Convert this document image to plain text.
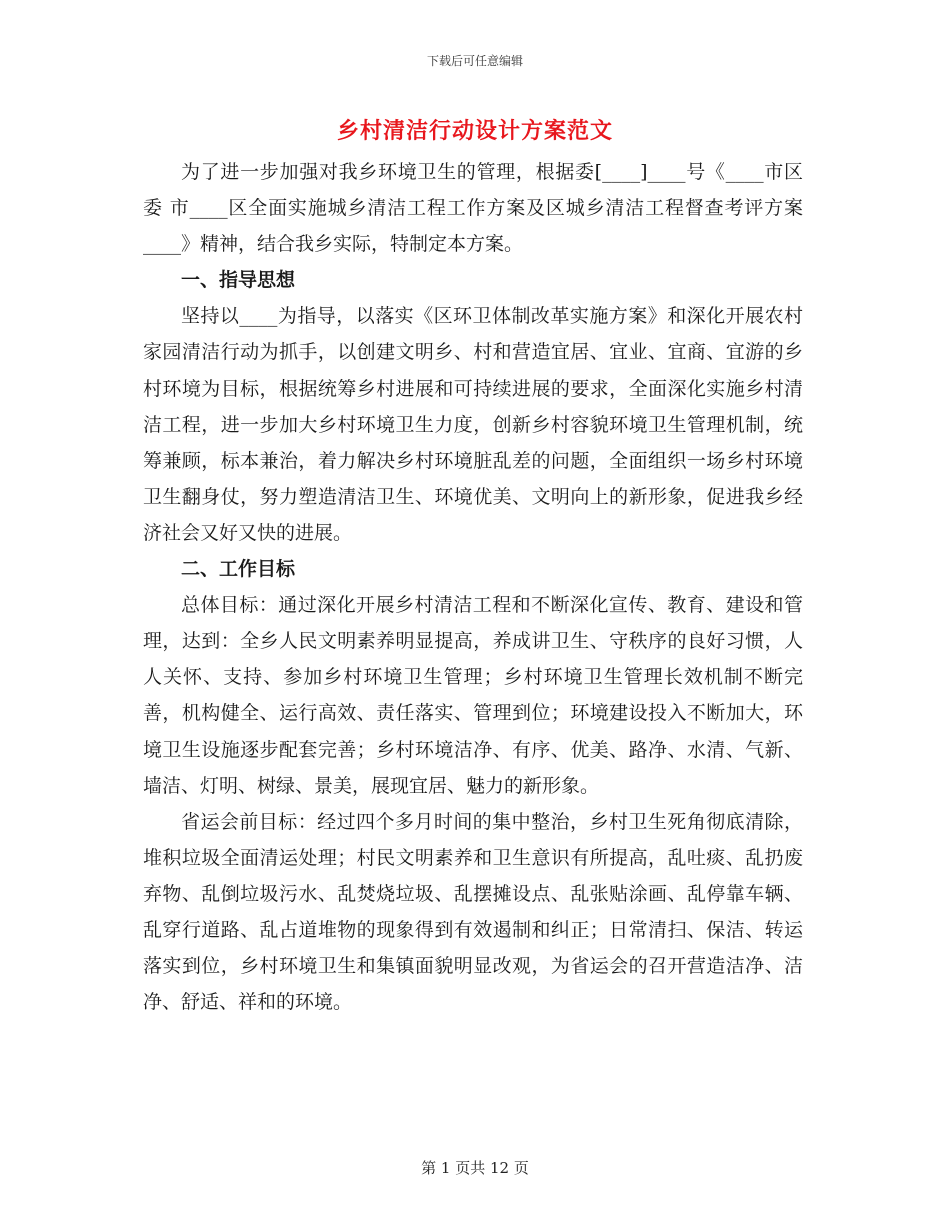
下载后可任意编辑
乡村清洁行动设计方案范文

为了进一步加强对我乡环境卫生的管理，根据委[____]____号《____市区委 市____区全面实施城乡清洁工程工作方案及区城乡清洁工程督查考评方案____》精神，结合我乡实际，特制定本方案。

一、指导思想

坚持以____为指导，以落实《区环卫体制改革实施方案》和深化开展农村家园清洁行动为抓手，以创建文明乡、村和营造宜居、宜业、宜商、宜游的乡村环境为目标，根据统筹乡村进展和可持续进展的要求，全面深化实施乡村清洁工程，进一步加大乡村环境卫生力度，创新乡村容貌环境卫生管理机制，统筹兼顾，标本兼治，着力解决乡村环境脏乱差的问题，全面组织一场乡村环境卫生翻身仗，努力塑造清洁卫生、环境优美、文明向上的新形象，促进我乡经济社会又好又快的进展。

二、工作目标

总体目标：通过深化开展乡村清洁工程和不断深化宣传、教育、建设和管理，达到：全乡人民文明素养明显提高，养成讲卫生、守秩序的良好习惯，人人关怀、支持、参加乡村环境卫生管理；乡村环境卫生管理长效机制不断完善，机构健全、运行高效、责任落实、管理到位；环境建设投入不断加大，环境卫生设施逐步配套完善；乡村环境洁净、有序、优美、路净、水清、气新、墙洁、灯明、树绿、景美，展现宜居、魅力的新形象。

省运会前目标：经过四个多月时间的集中整治，乡村卫生死角彻底清除，堆积垃圾全面清运处理；村民文明素养和卫生意识有所提高，乱吐痰、乱扔废弃物、乱倒垃圾污水、乱焚烧垃圾、乱摆摊设点、乱张贴涂画、乱停靠车辆、乱穿行道路、乱占道堆物的现象得到有效遏制和纠正；日常清扫、保洁、转运落实到位，乡村环境卫生和集镇面貌明显改观，为省运会的召开营造洁净、洁净、舒适、祥和的环境。

第 1 页共 12 页
